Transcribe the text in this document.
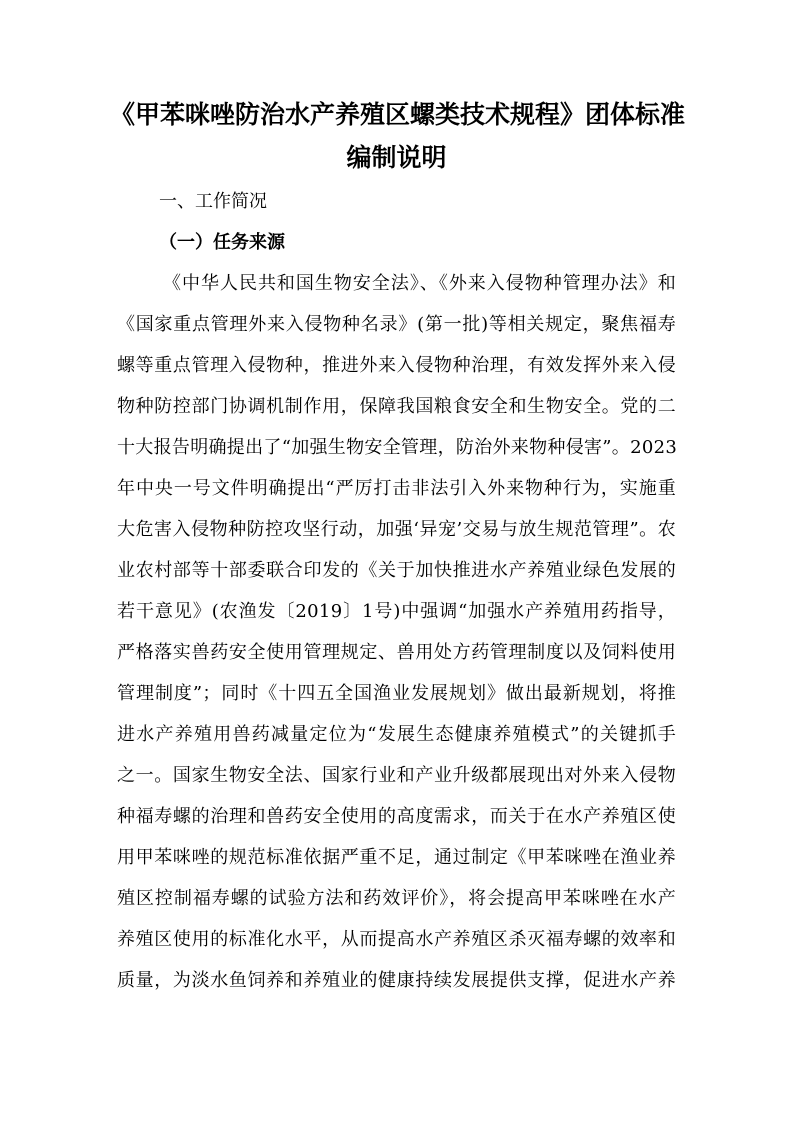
《甲苯咪唑防治水产养殖区螺类技术规程》团体标准
编制说明
一、工作简况
（一）任务来源
《中华人民共和国生物安全法》、《外来入侵物种管理办法》和
《国家重点管理外来入侵物种名录》(第一批)等相关规定，聚焦福寿
螺等重点管理入侵物种，推进外来入侵物种治理，有效发挥外来入侵
物种防控部门协调机制作用，保障我国粮食安全和生物安全。党的二
十大报告明确提出了“加强生物安全管理，防治外来物种侵害”。2023
年中央一号文件明确提出“严厉打击非法引入外来物种行为，实施重
大危害入侵物种防控攻坚行动，加强‘异宠’交易与放生规范管理”。农
业农村部等十部委联合印发的《关于加快推进水产养殖业绿色发展的
若干意见》(农渔发〔2019〕1号)中强调“加强水产养殖用药指导，
严格落实兽药安全使用管理规定、兽用处方药管理制度以及饲料使用
管理制度”；同时《十四五全国渔业发展规划》做出最新规划，将推
进水产养殖用兽药减量定位为“发展生态健康养殖模式”的关键抓手
之一。国家生物安全法、国家行业和产业升级都展现出对外来入侵物
种福寿螺的治理和兽药安全使用的高度需求，而关于在水产养殖区使
用甲苯咪唑的规范标准依据严重不足，通过制定《甲苯咪唑在渔业养
殖区控制福寿螺的试验方法和药效评价》，将会提高甲苯咪唑在水产
养殖区使用的标准化水平，从而提高水产养殖区杀灭福寿螺的效率和
质量，为淡水鱼饲养和养殖业的健康持续发展提供支撑，促进水产养
